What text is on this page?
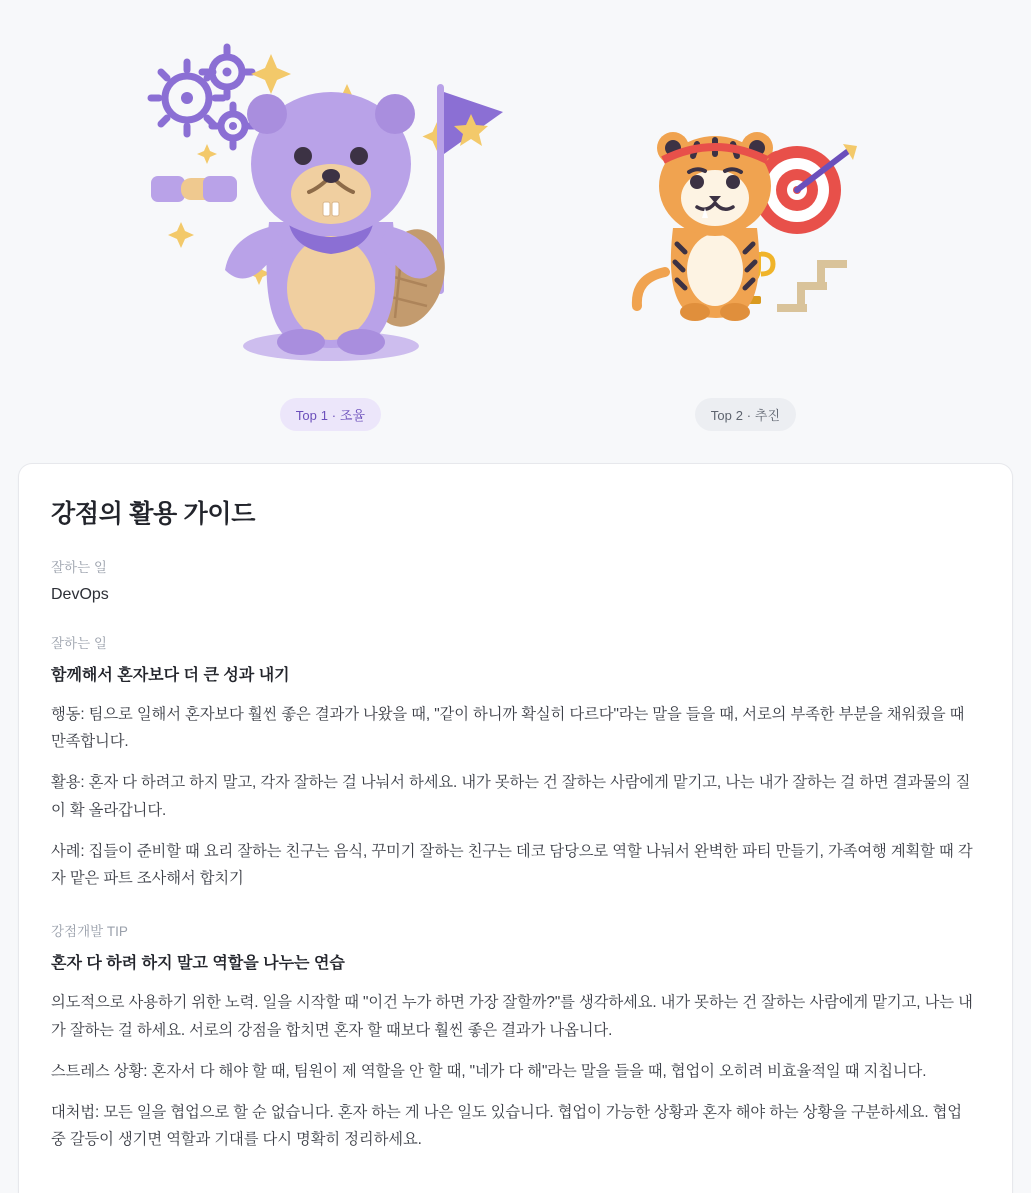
Top 1 · 조율	Top 2 · 추진
강점의 활용 가이드
잘하는 일
DevOps
잘하는 일
함께해서 혼자보다 더 큰 성과 내기

행동: 팀으로 일해서 혼자보다 훨씬 좋은 결과가 나왔을 때, "같이 하니까 확실히 다르다"라는 말을 들을 때, 서로의 부족한 부분을 채워줬을 때 만족합니다.

활용: 혼자 다 하려고 하지 말고, 각자 잘하는 걸 나눠서 하세요. 내가 못하는 건 잘하는 사람에게 맡기고, 나는 내가 잘하는 걸 하면 결과물의 질이 확 올라갑니다.

사례: 집들이 준비할 때 요리 잘하는 친구는 음식, 꾸미기 잘하는 친구는 데코 담당으로 역할 나눠서 완벽한 파티 만들기, 가족여행 계획할 때 각자 맡은 파트 조사해서 합치기

강점개발 TIP
혼자 다 하려 하지 말고 역할을 나누는 연습

의도적으로 사용하기 위한 노력. 일을 시작할 때 "이건 누가 하면 가장 잘할까?"를 생각하세요. 내가 못하는 건 잘하는 사람에게 맡기고, 나는 내가 잘하는 걸 하세요. 서로의 강점을 합치면 혼자 할 때보다 훨씬 좋은 결과가 나옵니다.

스트레스 상황: 혼자서 다 해야 할 때, 팀원이 제 역할을 안 할 때, "네가 다 해"라는 말을 들을 때, 협업이 오히려 비효율적일 때 지칩니다.

대처법: 모든 일을 협업으로 할 순 없습니다. 혼자 하는 게 나은 일도 있습니다. 협업이 가능한 상황과 혼자 해야 하는 상황을 구분하세요. 협업 중 갈등이 생기면 역할과 기대를 다시 명확히 정리하세요.
